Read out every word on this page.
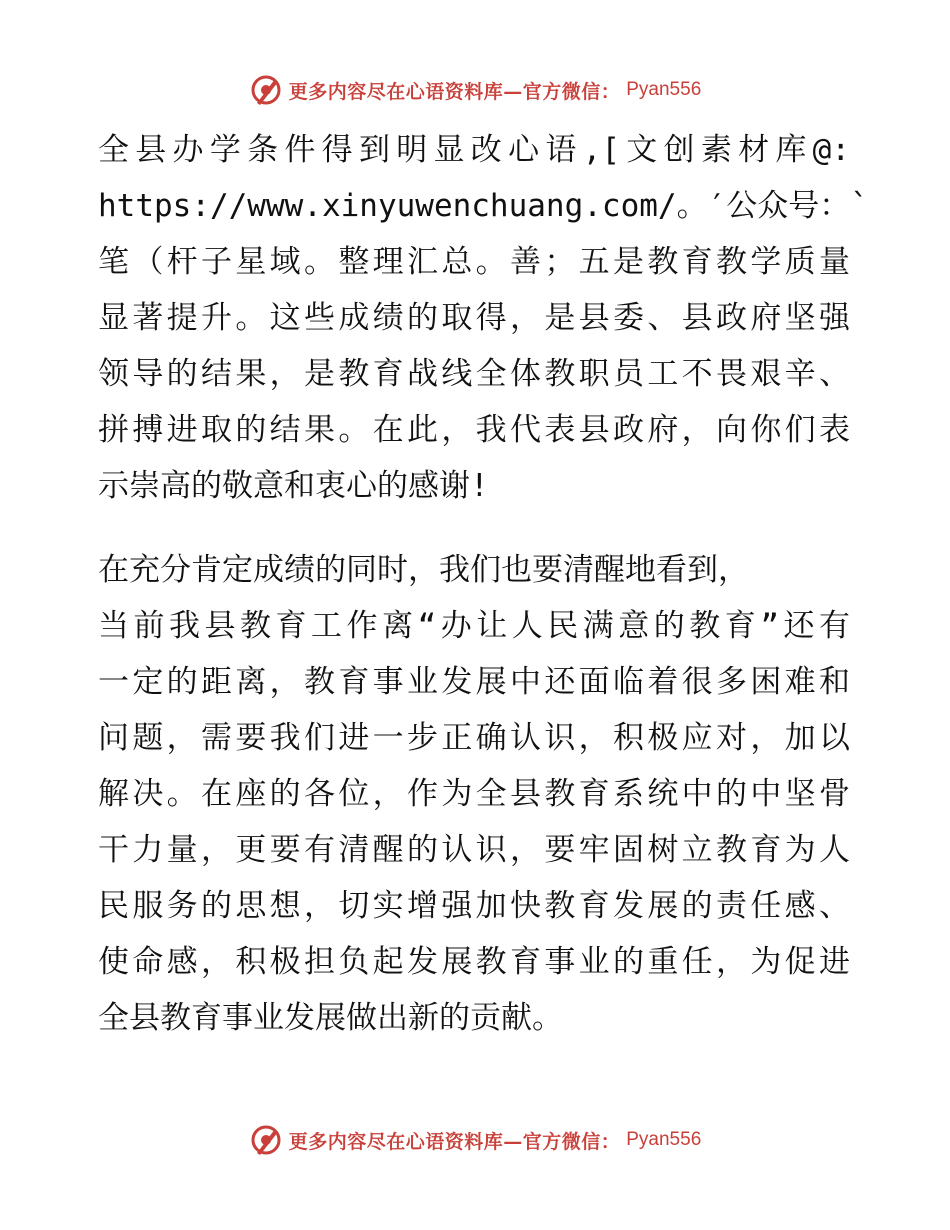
更多内容尽在心语资料库—官方微信： Pyan556
全县办学条件得到明显改心语,[文创素材库@:
https://www.xinyuwenchuang.com/。′公众号：`
笔（杆子星域。整理汇总。善；五是教育教学质量
显著提升。这些成绩的取得，是县委、县政府坚强
领导的结果，是教育战线全体教职员工不畏艰辛、
拼搏进取的结果。在此，我代表县政府，向你们表
示崇高的敬意和衷心的感谢!
在充分肯定成绩的同时，我们也要清醒地看到，
当前我县教育工作离“办让人民满意的教育”还有
一定的距离，教育事业发展中还面临着很多困难和
问题，需要我们进一步正确认识，积极应对，加以
解决。在座的各位，作为全县教育系统中的中坚骨
干力量，更要有清醒的认识，要牢固树立教育为人
民服务的思想，切实增强加快教育发展的责任感、
使命感，积极担负起发展教育事业的重任，为促进
全县教育事业发展做出新的贡献。
更多内容尽在心语资料库—官方微信： Pyan556
